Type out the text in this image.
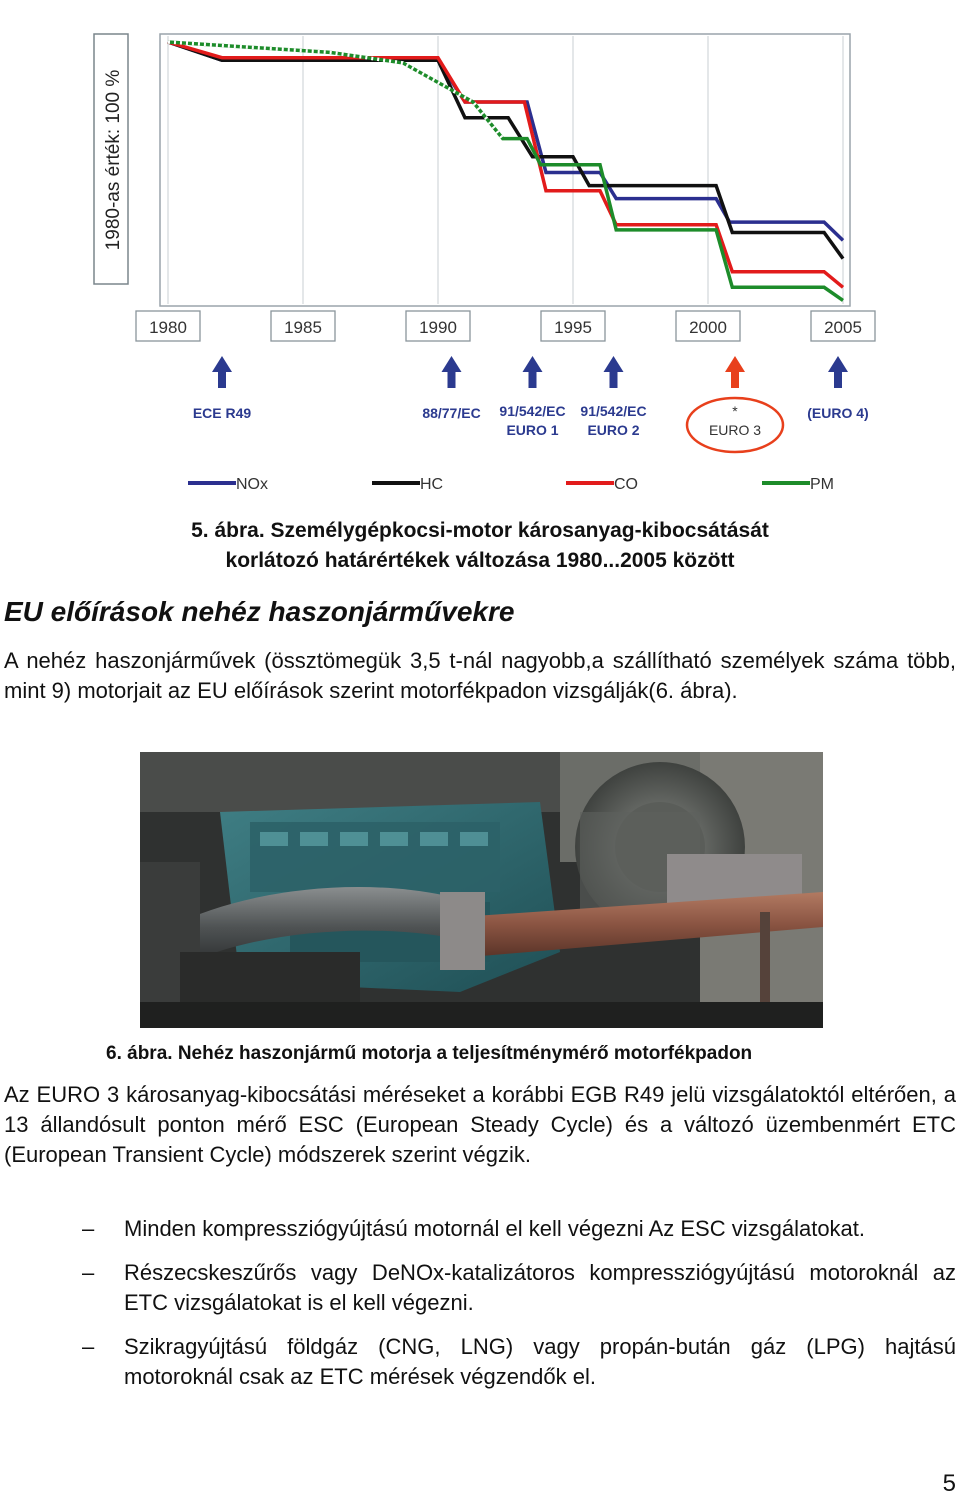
1980-as érték: 100 %
1980	1985	1990	1995	2000	2005
ECE R49	88/77/EC 91/542/EC
EURO 1
91/542/EC
EURO 2
*
EURO 3
(EURO 4)
NOx	HC	CO	PM

5. ábra. Személygépkocsi-motor károsanyag-kibocsátását
korlátozó határértékek változása 1980...2005 között

EU előírások nehéz haszonjárművekre

A nehéz haszonjárművek (össztömegük 3,5 t-nál nagyobb,a szállítható személyek száma több, mint 9) motorjait az EU előírások szerint motorfékpadon vizsgálják(6. ábra).

6. ábra. Nehéz haszonjármű motorja a teljesítménymérő motorfékpadon

Az EURO 3 károsanyag-kibocsátási méréseket a korábbi EGB R49 jelü vizsgálatoktól eltérően, a 13 állandósult ponton mérő ESC (European Steady Cycle) és a változó üzembenmért ETC (European Transient Cycle) módszerek szerint végzik.

– Minden kompressziógyújtású motornál el kell végezni Az ESC vizsgálatokat.
– Részecskeszűrős vagy DeNOx-katalizátoros kompressziógyújtású motoroknál az ETC vizsgálatokat is el kell végezni.
– Szikragyújtású földgáz (CNG, LNG) vagy propán-bután gáz (LPG) hajtású motoroknál csak az ETC mérések végzendők el.

5
